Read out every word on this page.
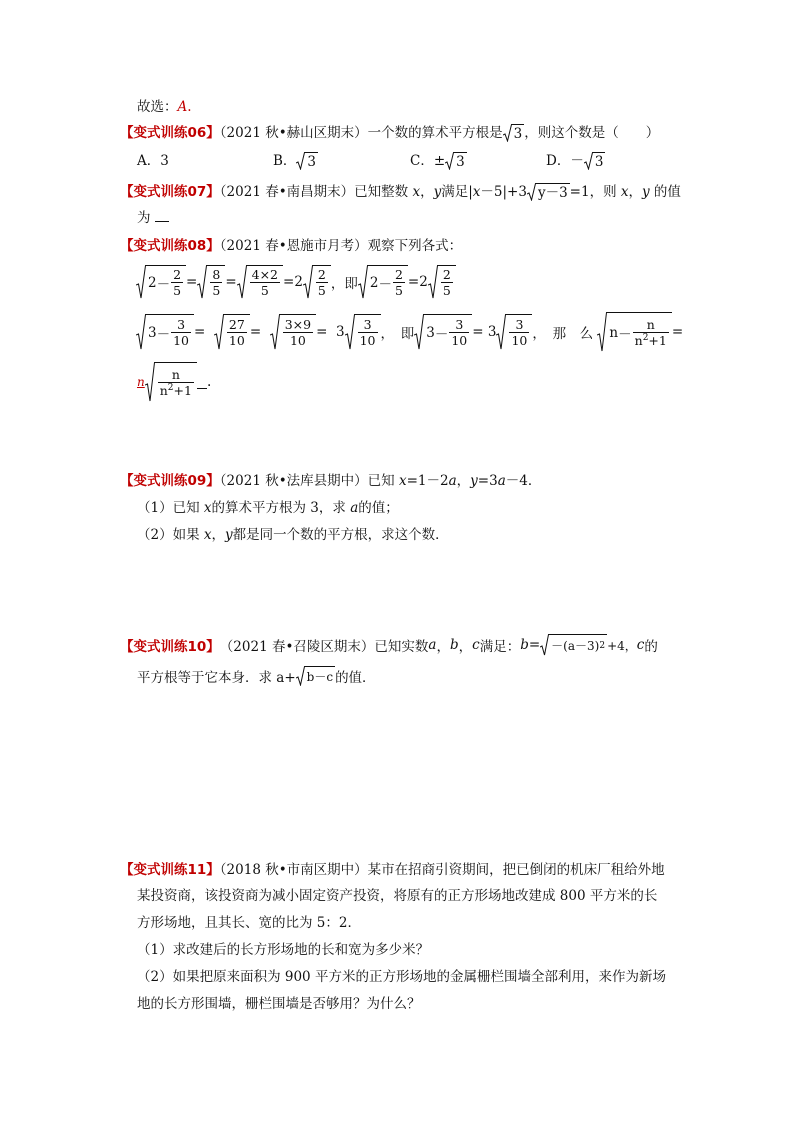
故选：A.
【变式训练06】（2021 秋•赫山区期末）一个数的算术平方根是 3 ，则这个数是（　　）
A．3	B． 3	C．± 3	D．－ 3
【变式训练07】（2021 春•南昌期末）已知整数 x，y满足|x－5|+3 y－3 =1，则 x，y 的值
为
【变式训练08】（2021 春•恩施市月考）观察下列各式：
$2 - \frac{2}{5} = \frac{8}{5} = \frac{4\times 2}{5} = 2 \frac{2}{5}$ ，即 $2 - \frac{2}{5} = 2 \frac{2}{5}$
$3 - \frac{3}{10} = \frac{27}{10} = \frac{3\times 9}{10} = 3 \frac{3}{10}$ ，　即 $3 - \frac{3}{10} = 3 \frac{3}{10}$ ，　那　么
$n - \frac{n}{n^2+1}$ =
n $\frac{n}{n^2+1}$ .
【变式训练09】（2021 秋•法库县期中）已知 x=1－2a，y=3a－4．
（1）已知 x的算术平方根为 3，求 a的值；
（2）如果 x，y都是同一个数的平方根，求这个数．
【变式训练10】 （2021 春•召陵区期末）已知实数 a ， b ， c 满足： b = －(a－3) 2 +4， c 的
平方根等于它本身．求 a+ b－c 的值．
【变式训练11】（2018 秋•市南区期中）某市在招商引资期间，把已倒闭的机床厂租给外地
某投资商，该投资商为减小固定资产投资，将原有的正方形场地改建成 800 平方米的长
方形场地，且其长、宽的比为 5：2．
（1）求改建后的长方形场地的长和宽为多少米？
（2）如果把原来面积为 900 平方米的正方形场地的金属栅栏围墙全部利用，来作为新场
地的长方形围墙，栅栏围墙是否够用？为什么？
